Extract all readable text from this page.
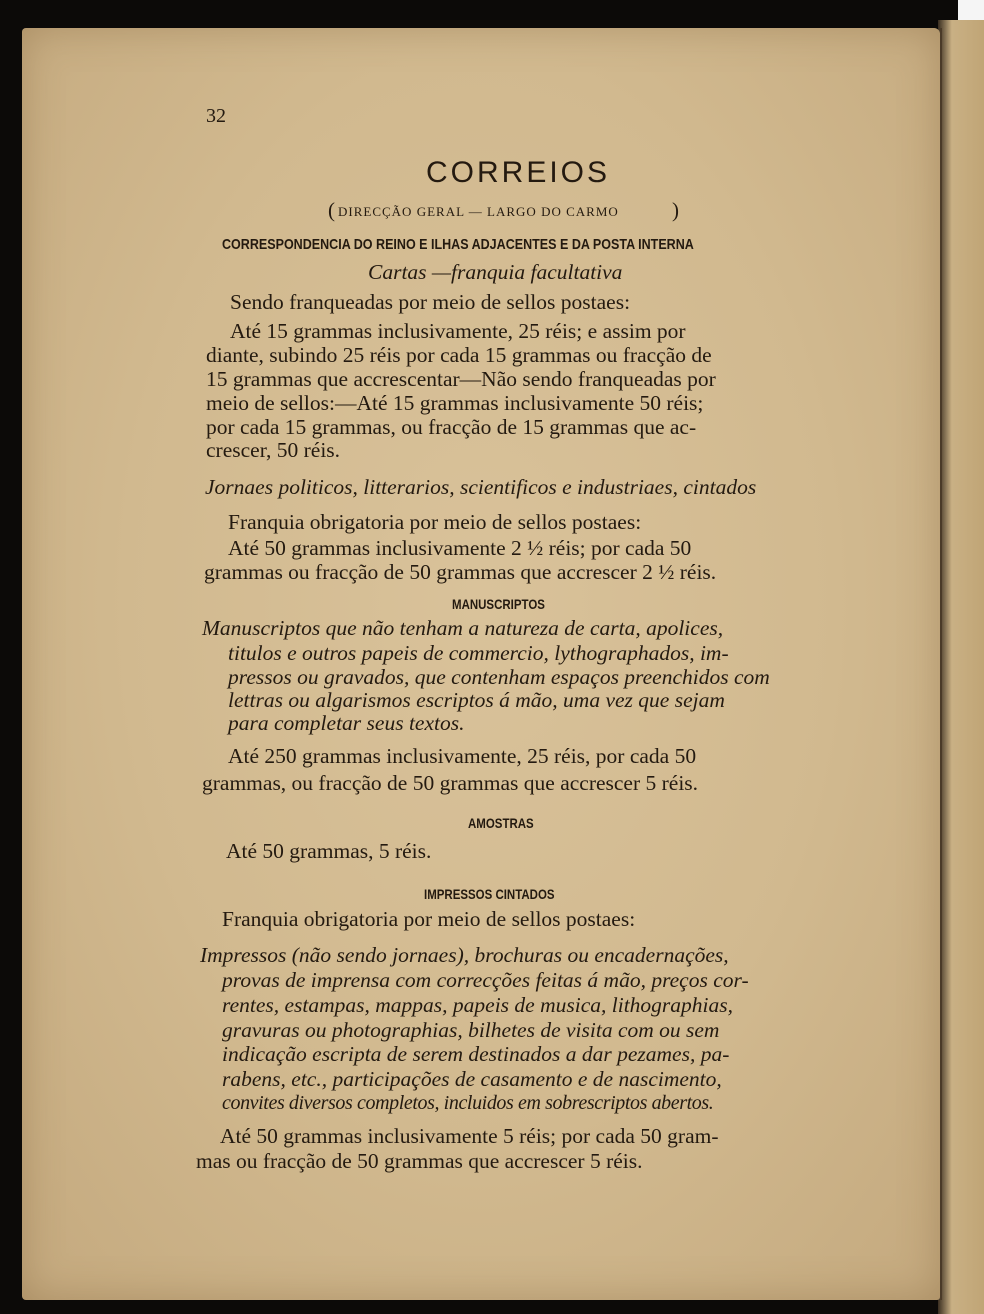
32
CORREIOS
( DIRECÇÃO GERAL — LARGO DO CARMO	)
CORRESPONDENCIA DO REINO E ILHAS ADJACENTES E DA POSTA INTERNA
Cartas —franquia facultativa
Sendo franqueadas por meio de sellos postaes:
Até 15 grammas inclusivamente, 25 réis; e assim por
diante, subindo 25 réis por cada 15 grammas ou fracção de
15 grammas que accrescentar—Não sendo franqueadas por
meio de sellos:—Até 15 grammas inclusivamente 50 réis;
por cada 15 grammas, ou fracção de 15 grammas que ac-
crescer, 50 réis.
Jornaes politicos, litterarios, scientificos e industriaes, cintados
Franquia obrigatoria por meio de sellos postaes:
Até 50 grammas inclusivamente 2 ½ réis; por cada 50
grammas ou fracção de 50 grammas que accrescer 2 ½ réis.
MANUSCRIPTOS
Manuscriptos que não tenham a natureza de carta, apolices,
titulos e outros papeis de commercio, lythographados, im-
pressos ou gravados, que contenham espaços preenchidos com
lettras ou algarismos escriptos á mão, uma vez que sejam
para completar seus textos.
Até 250 grammas inclusivamente, 25 réis, por cada 50
grammas, ou fracção de 50 grammas que accrescer 5 réis.
AMOSTRAS
Até 50 grammas, 5 réis.
IMPRESSOS CINTADOS
Franquia obrigatoria por meio de sellos postaes:
Impressos (não sendo jornaes), brochuras ou encadernações,
provas de imprensa com correcções feitas á mão, preços cor-
rentes, estampas, mappas, papeis de musica, lithographias,
gravuras ou photographias, bilhetes de visita com ou sem
indicação escripta de serem destinados a dar pezames, pa-
rabens, etc., participações de casamento e de nascimento,
convites diversos completos, incluidos em sobrescriptos abertos.
Até 50 grammas inclusivamente 5 réis; por cada 50 gram-
mas ou fracção de 50 grammas que accrescer 5 réis.
